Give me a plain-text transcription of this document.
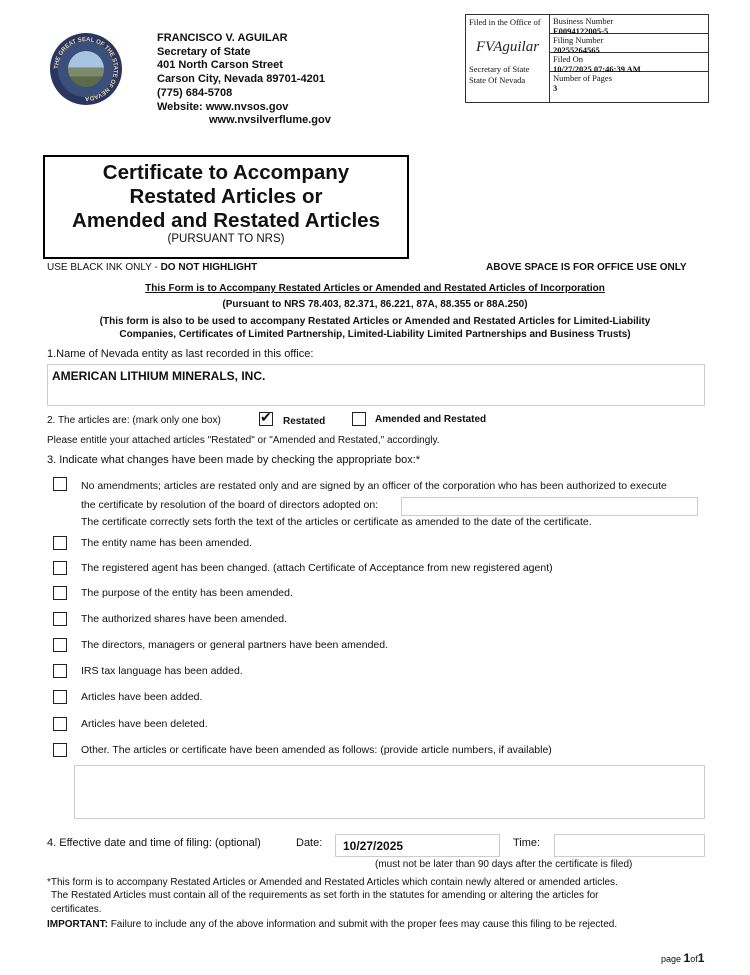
THE GREAT SEAL OF THE STATE OF NEVADA
FRANCISCO V. AGUILAR
Secretary of State
401 North Carson Street
Carson City, Nevada 89701-4201
(775) 684-5708
Website: www.nvsos.gov
www.nvsilverflume.gov
Filed in the Office of
FVAguilar
Secretary of State
State Of Nevada
Business Number
E0094122005-5
Filing Number
20255264565
Filed On
10/27/2025 07:46:39 AM
Number of Pages
3
Certificate to Accompany
Restated Articles or
Amended and Restated Articles
(PURSUANT TO NRS)
USE BLACK INK ONLY - DO NOT HIGHLIGHT	ABOVE SPACE IS FOR OFFICE USE ONLY
This Form is to Accompany Restated Articles or Amended and Restated Articles of Incorporation
(Pursuant to NRS 78.403, 82.371, 86.221, 87A, 88.355 or 88A.250)
(This form is also to be used to accompany Restated Articles or Amended and Restated Articles for Limited-Liability
Companies, Certificates of Limited Partnership, Limited-Liability Limited Partnerships and Business Trusts)
1.Name of Nevada entity as last recorded in this office:
AMERICAN LITHIUM MINERALS, INC.
2. The articles are: (mark only one box)
✔	Restated	Amended and Restated
Please entitle your attached articles "Restated" or "Amended and Restated," accordingly.
3. Indicate what changes have been made by checking the appropriate box:*
No amendments; articles are restated only and are signed by an officer of the corporation who has been authorized to execute
the certificate by resolution of the board of directors adopted on:
The certificate correctly sets forth the text of the articles or certificate as amended to the date of the certificate.
The entity name has been amended.
The registered agent has been changed. (attach Certificate of Acceptance from new registered agent)
The purpose of the entity has been amended.
The authorized shares have been amended.
The directors, managers or general partners have been amended.
IRS tax language has been added.
Articles have been added.
Articles have been deleted.
Other. The articles or certificate have been amended as follows: (provide article numbers, if available)
4. Effective date and time of filing: (optional)	Date: 10/27/2025	Time:
(must not be later than 90 days after the certificate is filed)
*This form is to accompany Restated Articles or Amended and Restated Articles which contain newly altered or amended articles.
The Restated Articles must contain all of the requirements as set forth in the statutes for amending or altering the articles for
certificates.
IMPORTANT: Failure to include any of the above information and submit with the proper fees may cause this filing to be rejected.
page 1of1
